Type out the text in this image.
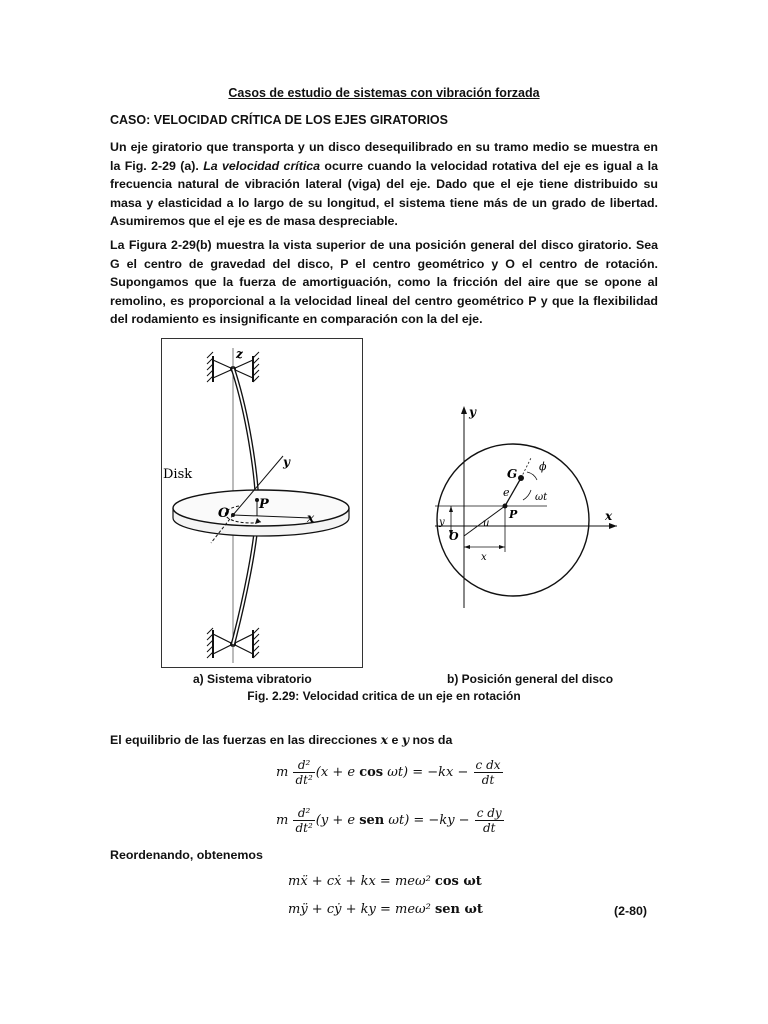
Casos de estudio de sistemas con vibración forzada
CASO: VELOCIDAD CRÍTICA DE LOS EJES GIRATORIOS
Un eje giratorio que transporta y un disco desequilibrado en su tramo medio se muestra en la Fig. 2-29 (a). La velocidad crítica ocurre cuando la velocidad rotativa del eje es igual a la frecuencia natural de vibración lateral (viga) del eje. Dado que el eje tiene distribuido su masa y elasticidad a lo largo de su longitud, el sistema tiene más de un grado de libertad. Asumiremos que el eje es de masa despreciable.
La Figura 2-29(b) muestra la vista superior de una posición general del disco giratorio. Sea G el centro de gravedad del disco, P el centro geométrico y O el centro de rotación. Supongamos que la fuerza de amortiguación, como la fricción del aire que se opone al remolino, es proporcional a la velocidad lineal del centro geométrico P y que la flexibilidad del rodamiento es insignificante en comparación con la del eje.
Disk
z
y
x
P
O
y
x
G
ϕ
e	ωt
P
u
O
y
x
a) Sistema vibratorio	b) Posición general del disco
Fig. 2.29: Velocidad critica de un eje en rotación
El equilibrio de las fuerzas en las direcciones x e y nos da
m $\frac{\text{d²}}{\text{dt²}} (x + e$ $\cos \omega t) = -kx - \frac{\text{c dx}}{dt}$
m $\frac{\text{d²}}{\text{dt²}} (y + e$ sen $\omega t) = -ky - \frac{\text{c dy}}{dt}$
Reordenando, obtenemos
mẍ + cẋ + kx = meω² cos ωt
mÿ + cẏ + ky = meω² sen ωt	(2-80)
